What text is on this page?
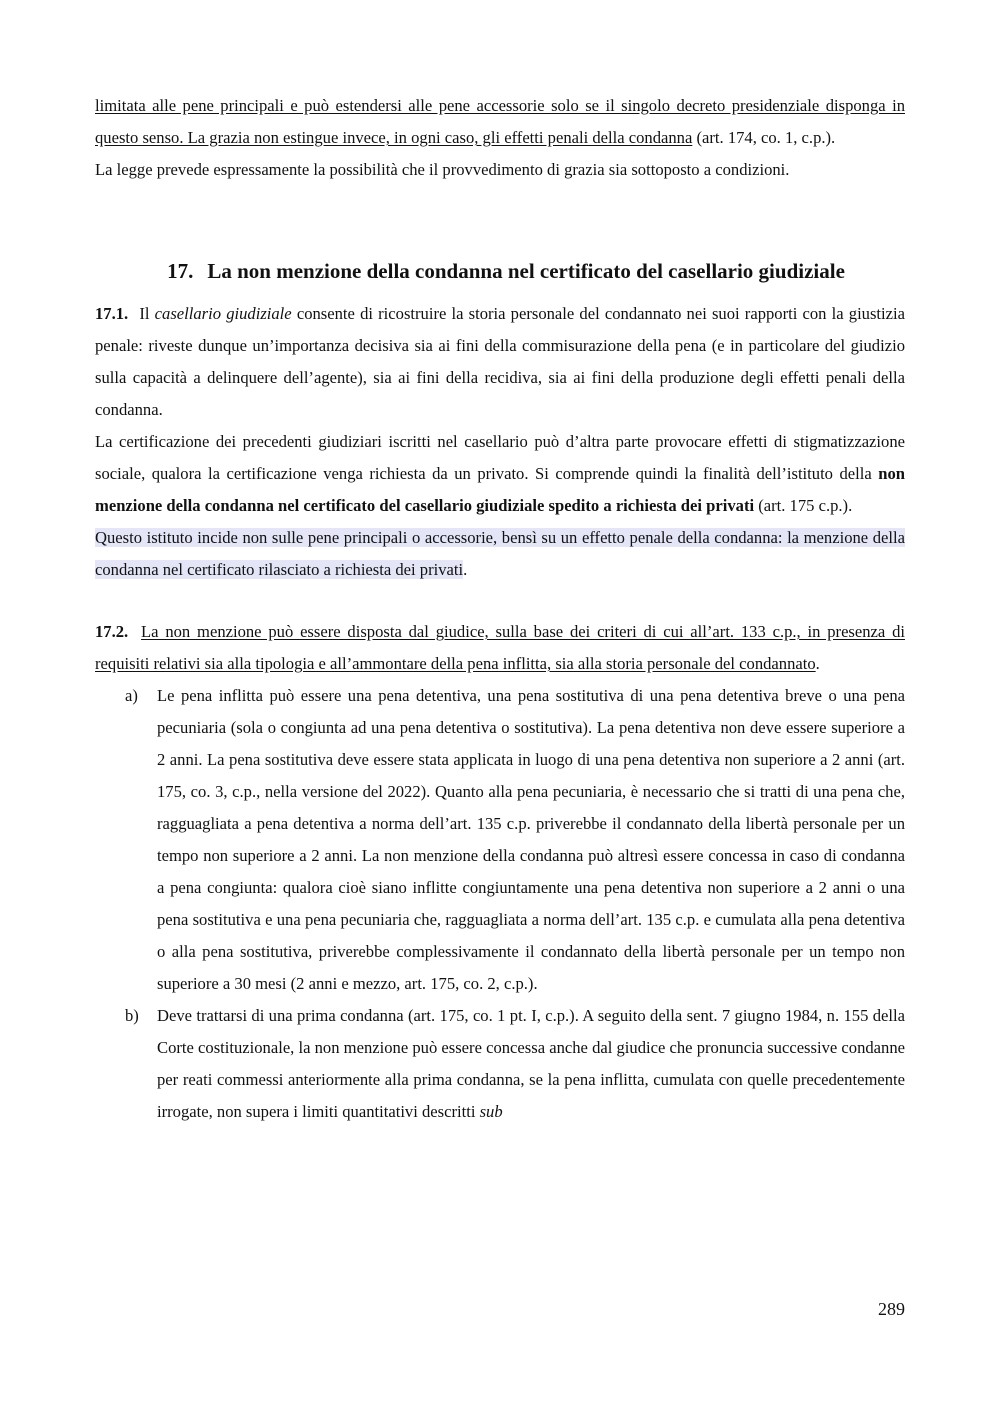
limitata alle pene principali e può estendersi alle pene accessorie solo se il singolo decreto presidenziale disponga in questo senso. La grazia non estingue invece, in ogni caso, gli effetti penali della condanna (art. 174, co. 1, c.p.).

La legge prevede espressamente la possibilità che il provvedimento di grazia sia sottoposto a condizioni.

17. La non menzione della condanna nel certificato del casellario giudiziale

17.1. Il casellario giudiziale consente di ricostruire la storia personale del condannato nei suoi rapporti con la giustizia penale: riveste dunque un’importanza decisiva sia ai fini della commisurazione della pena (e in particolare del giudizio sulla capacità a delinquere dell’agente), sia ai fini della recidiva, sia ai fini della produzione degli effetti penali della condanna.

La certificazione dei precedenti giudiziari iscritti nel casellario può d’altra parte provocare effetti di stigmatizzazione sociale, qualora la certificazione venga richiesta da un privato. Si comprende quindi la finalità dell’istituto della non menzione della condanna nel certificato del casellario giudiziale spedito a richiesta dei privati (art. 175 c.p.).

Questo istituto incide non sulle pene principali o accessorie, bensì su un effetto penale della condanna: la menzione della condanna nel certificato rilasciato a richiesta dei privati.

17.2. La non menzione può essere disposta dal giudice, sulla base dei criteri di cui all’art. 133 c.p., in presenza di requisiti relativi sia alla tipologia e all’ammontare della pena inflitta, sia alla storia personale del condannato.

a) Le pena inflitta può essere una pena detentiva, una pena sostitutiva di una pena detentiva breve o una pena pecuniaria (sola o congiunta ad una pena detentiva o sostitutiva). La pena detentiva non deve essere superiore a 2 anni. La pena sostitutiva deve essere stata applicata in luogo di una pena detentiva non superiore a 2 anni (art. 175, co. 3, c.p., nella versione del 2022). Quanto alla pena pecuniaria, è necessario che si tratti di una pena che, ragguagliata a pena detentiva a norma dell’art. 135 c.p. priverebbe il condannato della libertà personale per un tempo non superiore a 2 anni. La non menzione della condanna può altresì essere concessa in caso di condanna a pena congiunta: qualora cioè siano inflitte congiuntamente una pena detentiva non superiore a 2 anni o una pena sostitutiva e una pena pecuniaria che, ragguagliata a norma dell’art. 135 c.p. e cumulata alla pena detentiva o alla pena sostitutiva, priverebbe complessivamente il condannato della libertà personale per un tempo non superiore a 30 mesi (2 anni e mezzo, art. 175, co. 2, c.p.).

b) Deve trattarsi di una prima condanna (art. 175, co. 1 pt. I, c.p.). A seguito della sent. 7 giugno 1984, n. 155 della Corte costituzionale, la non menzione può essere concessa anche dal giudice che pronuncia successive condanne per reati commessi anteriormente alla prima condanna, se la pena inflitta, cumulata con quelle precedentemente irrogate, non supera i limiti quantitativi descritti sub

289
